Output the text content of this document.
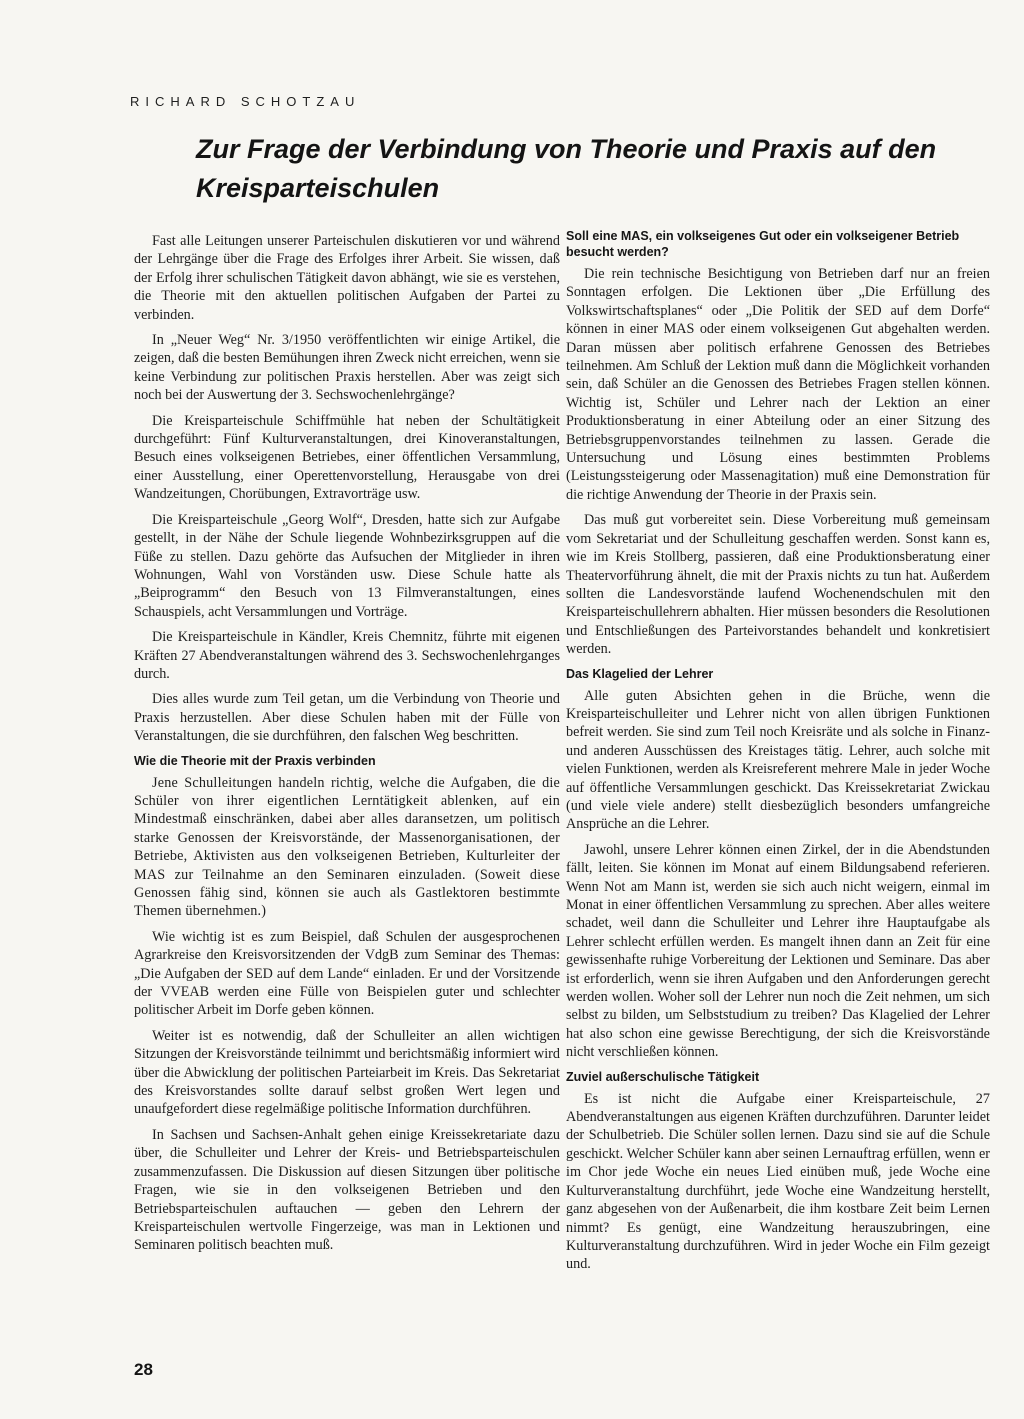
RICHARD SCHOTZAU
Zur Frage der Verbindung von Theorie und Praxis auf den Kreisparteischulen

Fast alle Leitungen unserer Parteischulen diskutieren vor und während der Lehrgänge über die Frage des Erfolges ihrer Arbeit. Sie wissen, daß der Erfolg ihrer schulischen Tätigkeit davon abhängt, wie sie es verstehen, die Theorie mit den aktuellen politischen Aufgaben der Partei zu verbinden.

In „Neuer Weg“ Nr. 3/1950 veröffentlichten wir einige Artikel, die zeigen, daß die besten Bemühungen ihren Zweck nicht erreichen, wenn sie keine Verbindung zur politischen Praxis herstellen. Aber was zeigt sich noch bei der Auswertung der 3. Sechswochenlehrgänge?

Die Kreisparteischule Schiffmühle hat neben der Schultätigkeit durchgeführt: Fünf Kulturveranstaltungen, drei Kinoveranstaltungen, Besuch eines volkseigenen Betriebes, einer öffentlichen Versammlung, einer Ausstellung, einer Operettenvorstellung, Herausgabe von drei Wandzeitungen, Chorübungen, Extravorträge usw.

Die Kreisparteischule „Georg Wolf“, Dresden, hatte sich zur Aufgabe gestellt, in der Nähe der Schule liegende Wohnbezirksgruppen auf die Füße zu stellen. Dazu gehörte das Aufsuchen der Mitglieder in ihren Wohnungen, Wahl von Vorständen usw. Diese Schule hatte als „Beiprogramm“ den Besuch von 13 Filmveranstaltungen, eines Schauspiels, acht Versammlungen und Vorträge.

Die Kreisparteischule in Kändler, Kreis Chemnitz, führte mit eigenen Kräften 27 Abendveranstaltungen während des 3. Sechswochenlehrganges durch.

Dies alles wurde zum Teil getan, um die Verbindung von Theorie und Praxis herzustellen. Aber diese Schulen haben mit der Fülle von Veranstaltungen, die sie durchführen, den falschen Weg beschritten.

Wie die Theorie mit der Praxis verbinden

Jene Schulleitungen handeln richtig, welche die Aufgaben, die die Schüler von ihrer eigentlichen Lerntätigkeit ablenken, auf ein Mindestmaß einschränken, dabei aber alles daransetzen, um politisch starke Genossen der Kreisvorstände, der Massenorganisationen, der Betriebe, Aktivisten aus den volkseigenen Betrieben, Kulturleiter der MAS zur Teilnahme an den Seminaren einzuladen. (Soweit diese Genossen fähig sind, können sie auch als Gastlektoren bestimmte Themen übernehmen.)

Wie wichtig ist es zum Beispiel, daß Schulen der ausgesprochenen Agrarkreise den Kreisvorsitzenden der VdgB zum Seminar des Themas: „Die Aufgaben der SED auf dem Lande“ einladen. Er und der Vorsitzende der VVEAB werden eine Fülle von Beispielen guter und schlechter politischer Arbeit im Dorfe geben können.

Weiter ist es notwendig, daß der Schulleiter an allen wichtigen Sitzungen der Kreisvorstände teilnimmt und berichtsmäßig informiert wird über die Abwicklung der politischen Parteiarbeit im Kreis. Das Sekretariat des Kreisvorstandes sollte darauf selbst großen Wert legen und unaufgefordert diese regelmäßige politische Information durchführen.

In Sachsen und Sachsen-Anhalt gehen einige Kreissekretariate dazu über, die Schulleiter und Lehrer der Kreis- und Betriebsparteischulen zusammenzufassen. Die Diskussion auf diesen Sitzungen über politische Fragen, wie sie in den volkseigenen Betrieben und den Betriebsparteischulen auftauchen — geben den Lehrern der Kreisparteischulen wertvolle Fingerzeige, was man in Lektionen und Seminaren politisch beachten muß.

Soll eine MAS, ein volkseigenes Gut oder ein volkseigener Betrieb besucht werden?

Die rein technische Besichtigung von Betrieben darf nur an freien Sonntagen erfolgen. Die Lektionen über „Die Erfüllung des Volkswirtschaftsplanes“ oder „Die Politik der SED auf dem Dorfe“ können in einer MAS oder einem volkseigenen Gut abgehalten werden. Daran müssen aber politisch erfahrene Genossen des Betriebes teilnehmen. Am Schluß der Lektion muß dann die Möglichkeit vorhanden sein, daß Schüler an die Genossen des Betriebes Fragen stellen können. Wichtig ist, Schüler und Lehrer nach der Lektion an einer Produktionsberatung in einer Abteilung oder an einer Sitzung des Betriebsgruppenvorstandes teilnehmen zu lassen. Gerade die Untersuchung und Lösung eines bestimmten Problems (Leistungssteigerung oder Massenagitation) muß eine Demonstration für die richtige Anwendung der Theorie in der Praxis sein.

Das muß gut vorbereitet sein. Diese Vorbereitung muß gemeinsam vom Sekretariat und der Schulleitung geschaffen werden. Sonst kann es, wie im Kreis Stollberg, passieren, daß eine Produktionsberatung einer Theatervorführung ähnelt, die mit der Praxis nichts zu tun hat. Außerdem sollten die Landesvorstände laufend Wochenendschulen mit den Kreisparteischullehrern abhalten. Hier müssen besonders die Resolutionen und Entschließungen des Parteivorstandes behandelt und konkretisiert werden.

Das Klagelied der Lehrer

Alle guten Absichten gehen in die Brüche, wenn die Kreisparteischulleiter und Lehrer nicht von allen übrigen Funktionen befreit werden. Sie sind zum Teil noch Kreisräte und als solche in Finanz- und anderen Ausschüssen des Kreistages tätig. Lehrer, auch solche mit vielen Funktionen, werden als Kreisreferent mehrere Male in jeder Woche auf öffentliche Versammlungen geschickt. Das Kreissekretariat Zwickau (und viele viele andere) stellt diesbezüglich besonders umfangreiche Ansprüche an die Lehrer.

Jawohl, unsere Lehrer können einen Zirkel, der in die Abendstunden fällt, leiten. Sie können im Monat auf einem Bildungsabend referieren. Wenn Not am Mann ist, werden sie sich auch nicht weigern, einmal im Monat in einer öffentlichen Versammlung zu sprechen. Aber alles weitere schadet, weil dann die Schulleiter und Lehrer ihre Hauptaufgabe als Lehrer schlecht erfüllen werden. Es mangelt ihnen dann an Zeit für eine gewissenhafte ruhige Vorbereitung der Lektionen und Seminare. Das aber ist erforderlich, wenn sie ihren Aufgaben und den Anforderungen gerecht werden wollen. Woher soll der Lehrer nun noch die Zeit nehmen, um sich selbst zu bilden, um Selbststudium zu treiben? Das Klagelied der Lehrer hat also schon eine gewisse Berechtigung, der sich die Kreisvorstände nicht verschließen können.

Zuviel außerschulische Tätigkeit

Es ist nicht die Aufgabe einer Kreisparteischule, 27 Abendveranstaltungen aus eigenen Kräften durchzuführen. Darunter leidet der Schulbetrieb. Die Schüler sollen lernen. Dazu sind sie auf die Schule geschickt. Welcher Schüler kann aber seinen Lernauftrag erfüllen, wenn er im Chor jede Woche ein neues Lied einüben muß, jede Woche eine Kulturveranstaltung durchführt, jede Woche eine Wandzeitung herstellt, ganz abgesehen von der Außenarbeit, die ihm kostbare Zeit beim Lernen nimmt? Es genügt, eine Wandzeitung herauszubringen, eine Kulturveranstaltung durchzuführen. Wird in jeder Woche ein Film gezeigt und.

28
